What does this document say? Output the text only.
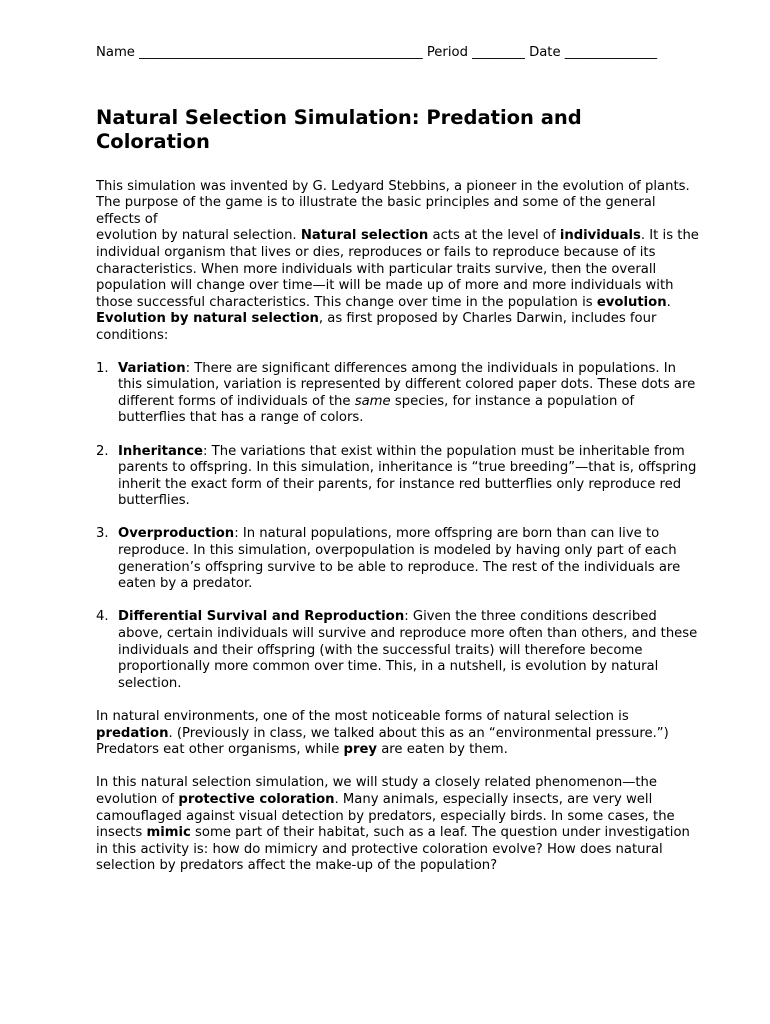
Name ___________________________________________ Period ________ Date ______________

Natural Selection Simulation: Predation and Coloration

This simulation was invented by G. Ledyard Stebbins, a pioneer in the evolution of plants. The purpose of the game is to illustrate the basic principles and some of the general effects of
evolution by natural selection. Natural selection acts at the level of individuals. It is the individual organism that lives or dies, reproduces or fails to reproduce because of its characteristics. When more individuals with particular traits survive, then the overall population will change over time—it will be made up of more and more individuals with those successful characteristics. This change over time in the population is evolution. Evolution by natural selection, as first proposed by Charles Darwin, includes four conditions:

1. Variation: There are significant differences among the individuals in populations. In this simulation, variation is represented by different colored paper dots. These dots are different forms of individuals of the same species, for instance a population of butterflies that has a range of colors.
2. Inheritance: The variations that exist within the population must be inheritable from parents to offspring. In this simulation, inheritance is “true breeding”—that is, offspring inherit the exact form of their parents, for instance red butterflies only reproduce red butterflies.
3. Overproduction: In natural populations, more offspring are born than can live to reproduce. In this simulation, overpopulation is modeled by having only part of each generation’s offspring survive to be able to reproduce. The rest of the individuals are eaten by a predator.
4. Differential Survival and Reproduction: Given the three conditions described above, certain individuals will survive and reproduce more often than others, and these individuals and their offspring (with the successful traits) will therefore become proportionally more common over time. This, in a nutshell, is evolution by natural selection.

In natural environments, one of the most noticeable forms of natural selection is predation. (Previously in class, we talked about this as an “environmental pressure.”) Predators eat other organisms, while prey are eaten by them.

In this natural selection simulation, we will study a closely related phenomenon—the evolution of protective coloration. Many animals, especially insects, are very well camouflaged against visual detection by predators, especially birds. In some cases, the insects mimic some part of their habitat, such as a leaf. The question under investigation in this activity is: how do mimicry and protective coloration evolve? How does natural selection by predators affect the make-up of the population?
